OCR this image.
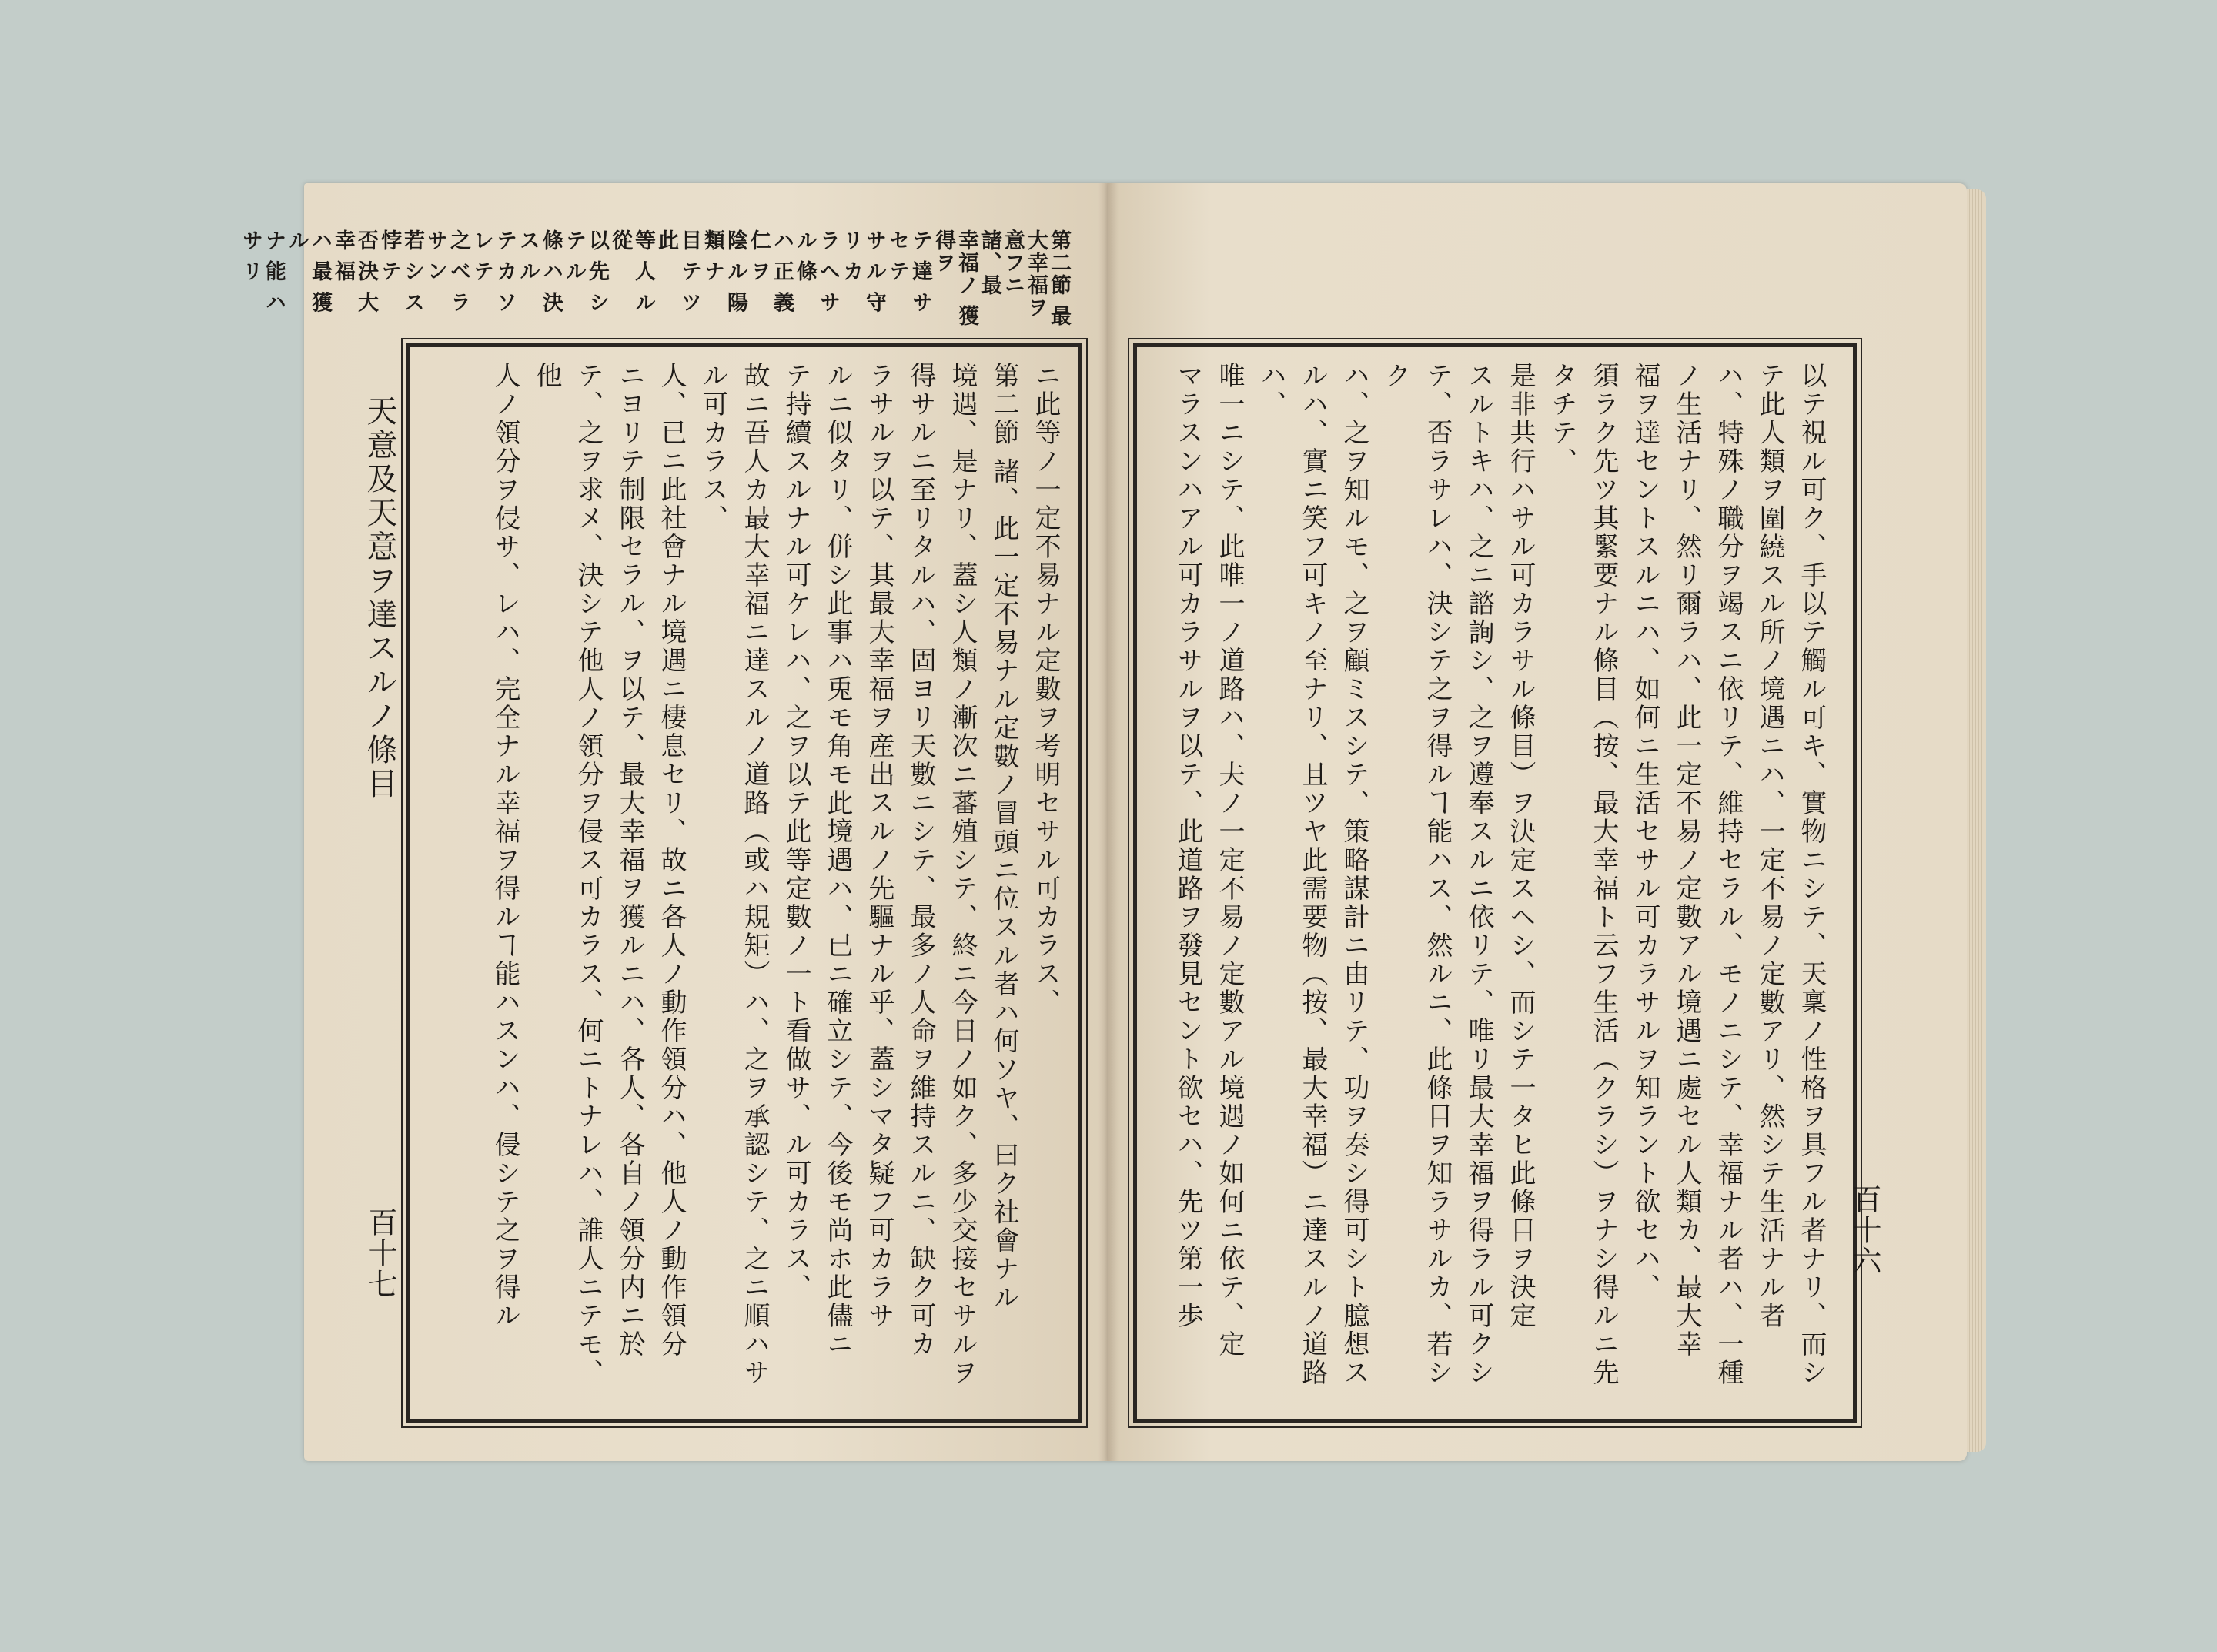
第二節 最大幸福ヲ
意フニ 諸、最
幸福ノ 獲得ヲ
テ 達 サ セ テ
サ ル 守 リ カ
ラ ヘ サ ル 條
ハ 正 義 仁 ヲ
陰 ル 陽 類 ナ
目 テ ツ 此
等 人 ル 從
以 先 シ テ ル
條 ハ 決 ス ル
テ カ ソ レ テ
之 ベ ラ サ ン
若 シ ス 悖 テ
否 決 大 幸 福
ハ 最 獲 ル
ナ 能 ハ サ リ
天意及天意ヲ達スルノ條目
百十七
ニ此等ノ一定不易ナル定數ヲ考明セサル可カラス、
第二節 諸、此一定不易ナル定數ノ冒頭ニ位スル者ハ何ソヤ、曰ク社會ナル
境遇、是ナリ、蓋シ人類ノ漸次ニ蕃殖シテ、終ニ今日ノ如ク、多少交接セサルヲ
得サルニ至リタルハ、固ヨリ天數ニシテ、最多ノ人命ヲ維持スルニ、缺ク可カ
ラサルヲ以テ、其最大幸福ヲ産出スルノ先驅ナル乎、蓋シマタ疑フ可カラサ
ルニ似タリ、併シ此事ハ兎モ角モ此境遇ハ、已ニ確立シテ、今後モ尚ホ此儘ニ
テ持續スルナル可ケレハ、之ヲ以テ此等定數ノ一ト看做サ、ル可カラス、
故ニ吾人カ最大幸福ニ達スルノ道路（或ハ規矩）ハ、之ヲ承認シテ、之ニ順ハサ
ル可カラス、
人、已ニ此社會ナル境遇ニ棲息セリ、故ニ各人ノ動作領分ハ、他人ノ動作領分
ニヨリテ制限セラル、ヲ以テ、最大幸福ヲ獲ルニハ、各人、各自ノ領分内ニ於
テ、之ヲ求メ、決シテ他人ノ領分ヲ侵ス可カラス、何ニトナレハ、誰人ニテモ、他
人ノ領分ヲ侵サ、レハ、完全ナル幸福ヲ得ルヿ能ハスンハ、侵シテ之ヲ得ル	以テ視ル可ク、手以テ觸ル可キ、實物ニシテ、天稟ノ性格ヲ具フル者ナリ、而シ
テ此人類ヲ圍繞スル所ノ境遇ニハ、一定不易ノ定數アリ、然シテ生活ナル者
ハ、特殊ノ職分ヲ竭スニ依リテ、維持セラル、モノニシテ、幸福ナル者ハ、一種
ノ生活ナリ、然リ爾ラハ、此一定不易ノ定數アル境遇ニ處セル人類カ、最大幸
福ヲ達セントスルニハ、如何ニ生活セサル可カラサルヲ知ラント欲セハ、
須ラク先ツ其緊要ナル條目（按、最大幸福ト云フ生活（クラシ）ヲナシ得ルニ先タチテ、
是非共行ハサル可カラサル條目）ヲ決定スヘシ、而シテ一タヒ此條目ヲ決定
スルトキハ、之ニ諮詢シ、之ヲ遵奉スルニ依リテ、唯リ最大幸福ヲ得ラル可クシ
テ、否ラサレハ、決シテ之ヲ得ルヿ能ハス、然ルニ、此條目ヲ知ラサルカ、若シク
ハ、之ヲ知ルモ、之ヲ顧ミスシテ、策略謀計ニ由リテ、功ヲ奏シ得可シト臆想ス
ルハ、實ニ笑フ可キノ至ナリ、且ツヤ此需要物（按、最大幸福）ニ達スルノ道路ハ、
唯一ニシテ、此唯一ノ道路ハ、夫ノ一定不易ノ定數アル境遇ノ如何ニ依テ、定
マラスンハアル可カラサルヲ以テ、此道路ヲ發見セント欲セハ、先ツ第一歩	百十六
